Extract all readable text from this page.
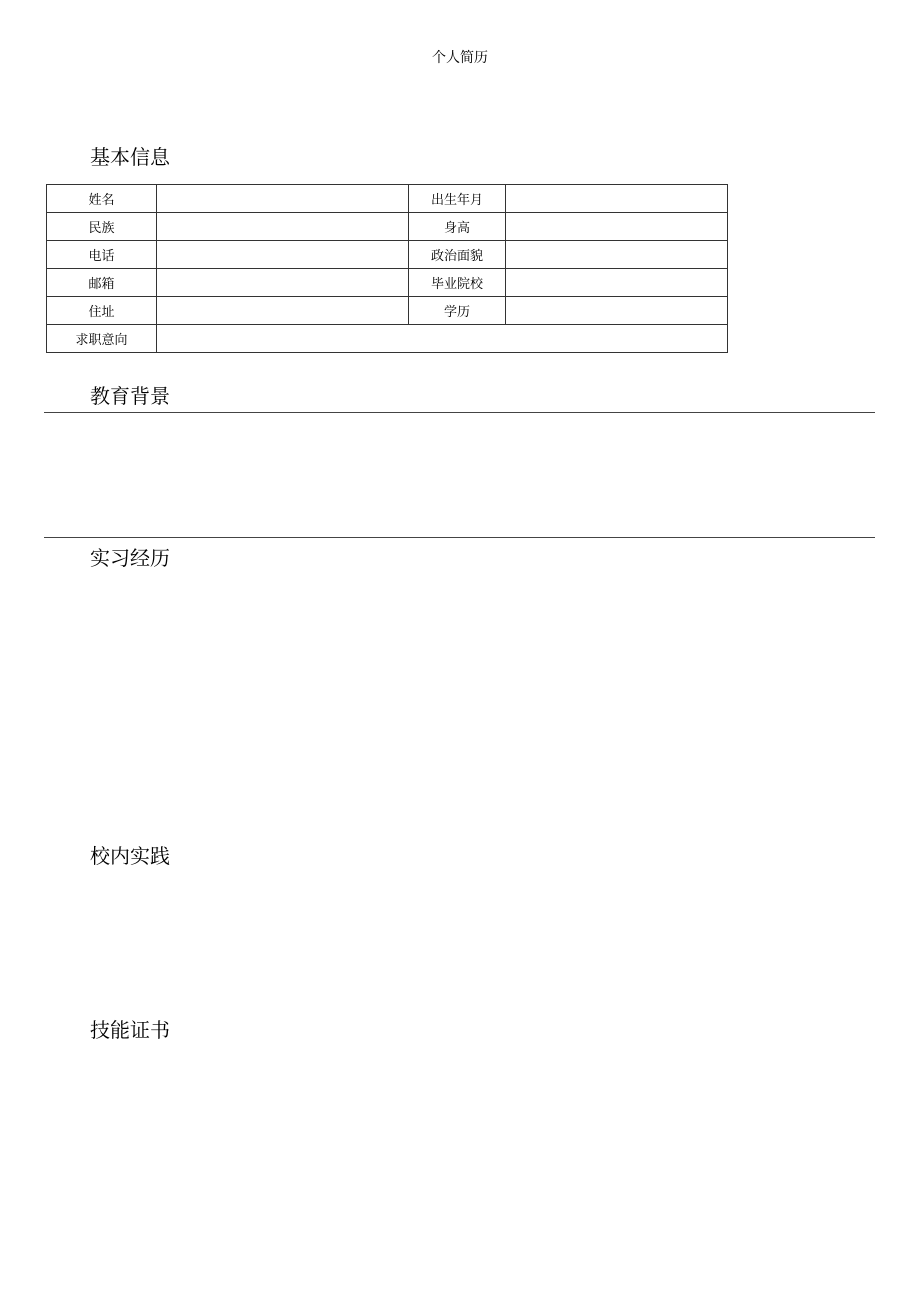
个人简历
基本信息
姓名		出生年月	
民族		身高	
电话		政治面貌	
邮箱		毕业院校	
住址		学历	
求职意向			
教育背景
实习经历
校内实践
技能证书
